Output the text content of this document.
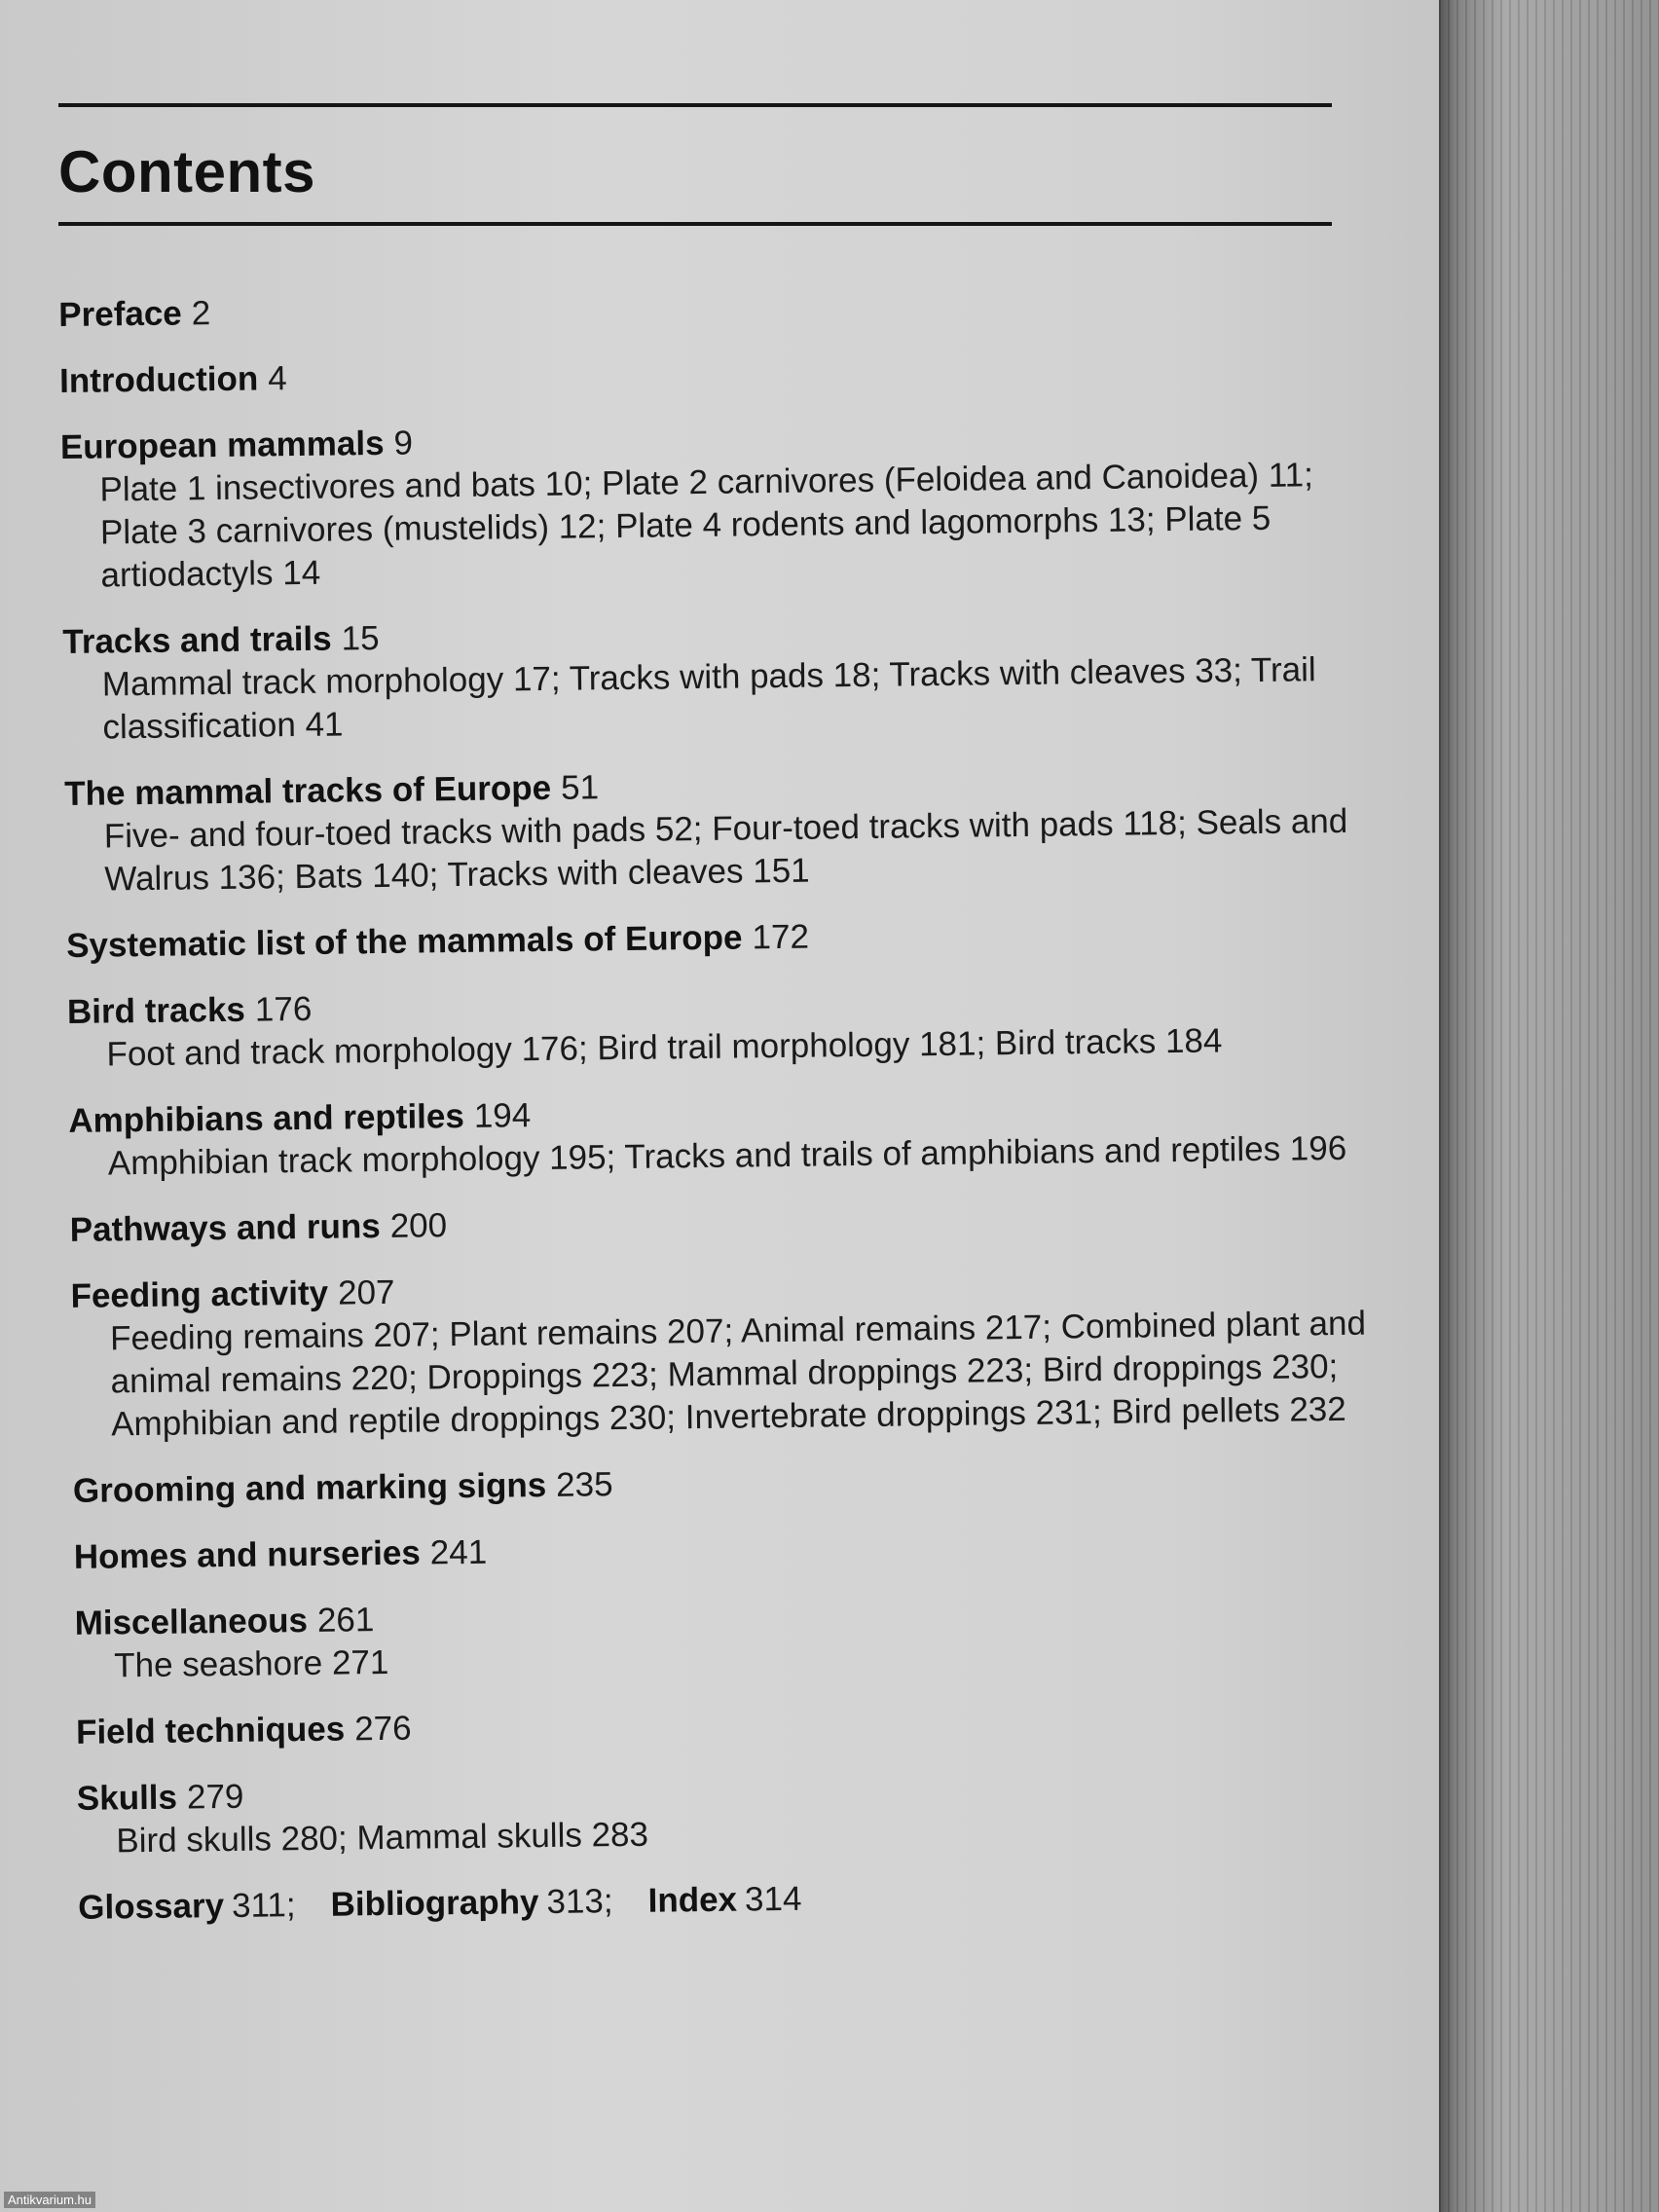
Contents
Preface 2
Introduction 4
European mammals 9
Plate 1 insectivores and bats 10; Plate 2 carnivores (Feloidea and Canoidea) 11; Plate 3 carnivores (mustelids) 12; Plate 4 rodents and lagomorphs 13; Plate 5 artiodactyls 14
Tracks and trails 15
Mammal track morphology 17; Tracks with pads 18; Tracks with cleaves 33; Trail classification 41
The mammal tracks of Europe 51
Five- and four-toed tracks with pads 52; Four-toed tracks with pads 118; Seals and Walrus 136; Bats 140; Tracks with cleaves 151
Systematic list of the mammals of Europe 172
Bird tracks 176
Foot and track morphology 176; Bird trail morphology 181; Bird tracks 184
Amphibians and reptiles 194
Amphibian track morphology 195; Tracks and trails of amphibians and reptiles 196
Pathways and runs 200
Feeding activity 207
Feeding remains 207; Plant remains 207; Animal remains 217; Combined plant and animal remains 220; Droppings 223; Mammal droppings 223; Bird droppings 230; Amphibian and reptile droppings 230; Invertebrate droppings 231; Bird pellets 232
Grooming and marking signs 235
Homes and nurseries 241
Miscellaneous 261
The seashore 271
Field techniques 276
Skulls 279
Bird skulls 280; Mammal skulls 283
Glossary 311; Bibliography 313; Index 314
Antikvarium.hu
